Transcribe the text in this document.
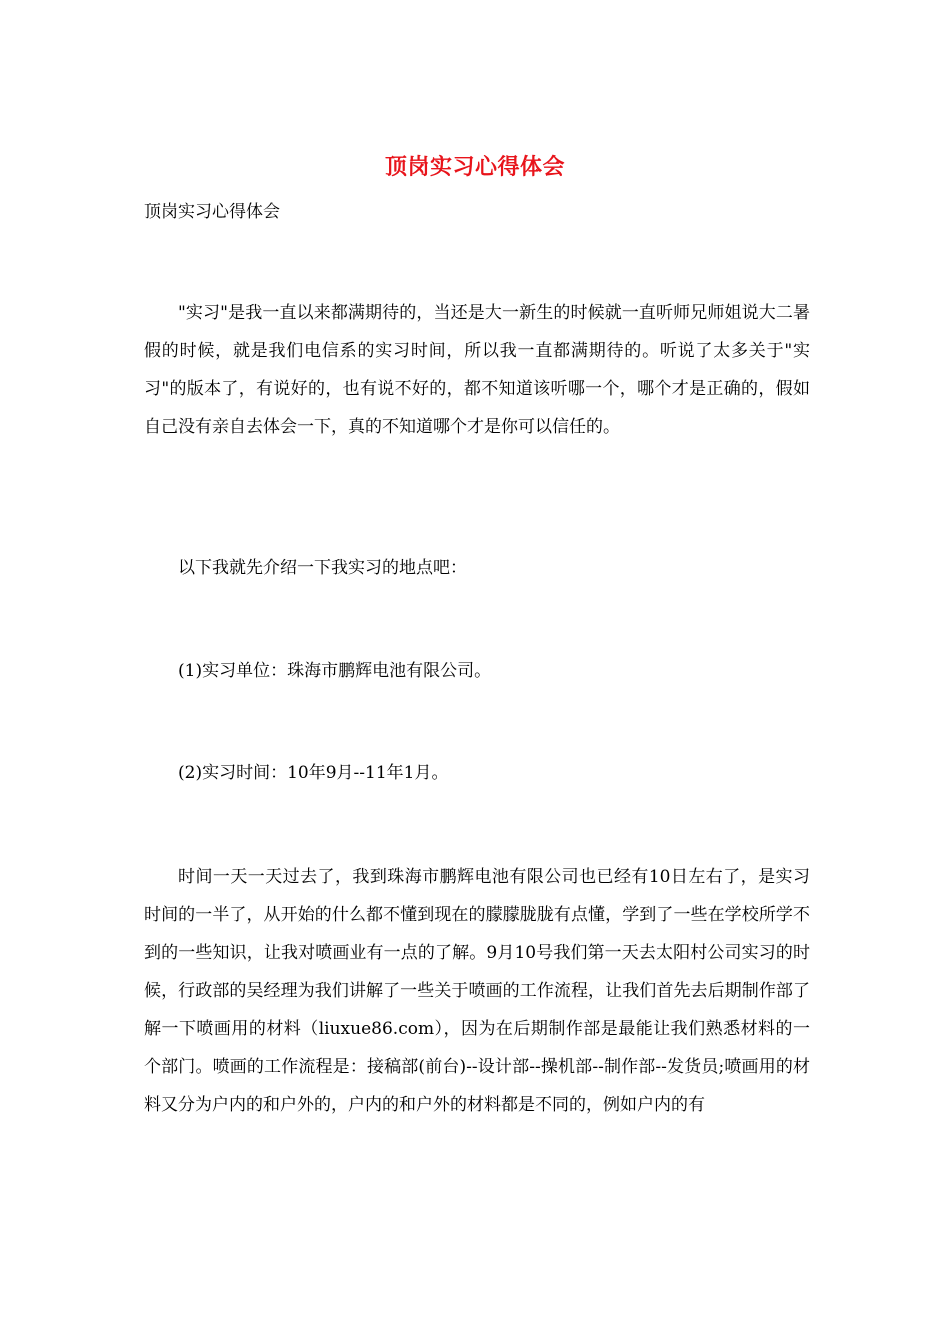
顶岗实习心得体会
顶岗实习心得体会

"实习"是我一直以来都满期待的，当还是大一新生的时候就一直听师兄师姐说大二暑假的时候，就是我们电信系的实习时间，所以我一直都满期待的。听说了太多关于"实习"的版本了，有说好的，也有说不好的，都不知道该听哪一个，哪个才是正确的，假如自己没有亲自去体会一下，真的不知道哪个才是你可以信任的。

以下我就先介绍一下我实习的地点吧：

(1)实习单位：珠海市鹏辉电池有限公司。

(2)实习时间：10年9月--11年1月。

时间一天一天过去了，我到珠海市鹏辉电池有限公司也已经有10日左右了，是实习时间的一半了，从开始的什么都不懂到现在的朦朦胧胧有点懂，学到了一些在学校所学不到的一些知识，让我对喷画业有一点的了解。9月10号我们第一天去太阳村公司实习的时候，行政部的吴经理为我们讲解了一些关于喷画的工作流程，让我们首先去后期制作部了解一下喷画用的材料（liuxue86.com），因为在后期制作部是最能让我们熟悉材料的一个部门。喷画的工作流程是：接稿部(前台)--设计部--操机部--制作部--发货员;喷画用的材料又分为户内的和户外的，户内的和户外的材料都是不同的，例如户内的有
